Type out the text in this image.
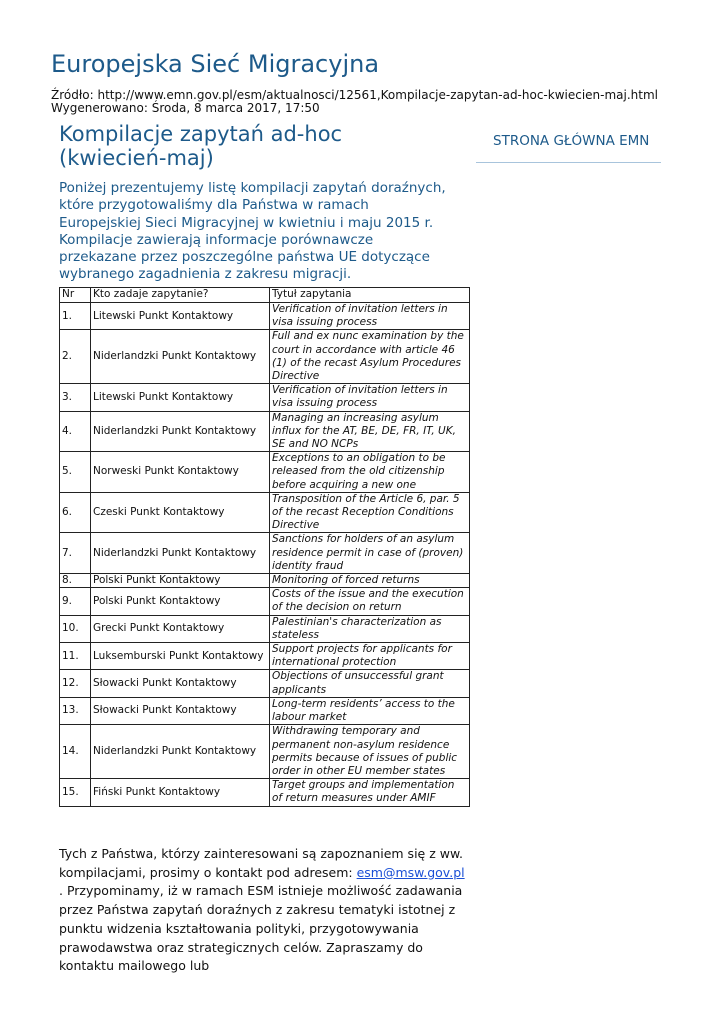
Europejska Sieć Migracyjna
Źródło: http://www.emn.gov.pl/esm/aktualnosci/12561,Kompilacje-zapytan-ad-hoc-kwiecien-maj.html
Wygenerowano: Środa, 8 marca 2017, 17:50
Kompilacje zapytań ad-hoc (kwiecień-maj)
STRONA GŁÓWNA EMN
Poniżej prezentujemy listę kompilacji zapytań doraźnych, które przygotowaliśmy dla Państwa w ramach Europejskiej Sieci Migracyjnej w kwietniu i maju 2015 r. Kompilacje zawierają informacje porównawcze przekazane przez poszczególne państwa UE dotyczące wybranego zagadnienia z zakresu migracji.
Nr	Kto zadaje zapytanie?	Tytuł zapytania
1.	Litewski Punkt Kontaktowy	Verification of invitation letters in visa issuing process
2.	Niderlandzki Punkt Kontaktowy	Full and ex nunc examination by the court in accordance with article 46 (1) of the recast Asylum Procedures Directive
3.	Litewski Punkt Kontaktowy	Verification of invitation letters in visa issuing process
4.	Niderlandzki Punkt Kontaktowy	Managing an increasing asylum influx for the AT, BE, DE, FR, IT, UK, SE and NO NCPs
5.	Norweski Punkt Kontaktowy	Exceptions to an obligation to be released from the old citizenship before acquiring a new one
6.	Czeski Punkt Kontaktowy	Transposition of the Article 6, par. 5 of the recast Reception Conditions Directive
7.	Niderlandzki Punkt Kontaktowy	Sanctions for holders of an asylum residence permit in case of (proven) identity fraud
8.	Polski Punkt Kontaktowy	Monitoring of forced returns
9.	Polski Punkt Kontaktowy	Costs of the issue and the execution of the decision on return
10.	Grecki Punkt Kontaktowy	Palestinian's characterization as stateless
11.	Luksemburski Punkt Kontaktowy	Support projects for applicants for international protection
12.	Słowacki Punkt Kontaktowy	Objections of unsuccessful grant applicants
13.	Słowacki Punkt Kontaktowy	Long-term residents’ access to the labour market
14.	Niderlandzki Punkt Kontaktowy	Withdrawing temporary and permanent non-asylum residence permits because of issues of public order in other EU member states
15.	Fiński Punkt Kontaktowy	Target groups and implementation of return measures under AMIF
Tych z Państwa, którzy zainteresowani są zapoznaniem się z ww. kompilacjami, prosimy o kontakt pod adresem: esm@msw.gov.pl
. Przypominamy, iż w ramach ESM istnieje możliwość zadawania przez Państwa zapytań doraźnych z zakresu tematyki istotnej z punktu widzenia kształtowania polityki, przygotowywania prawodawstwa oraz strategicznych celów. Zapraszamy do kontaktu mailowego lub
